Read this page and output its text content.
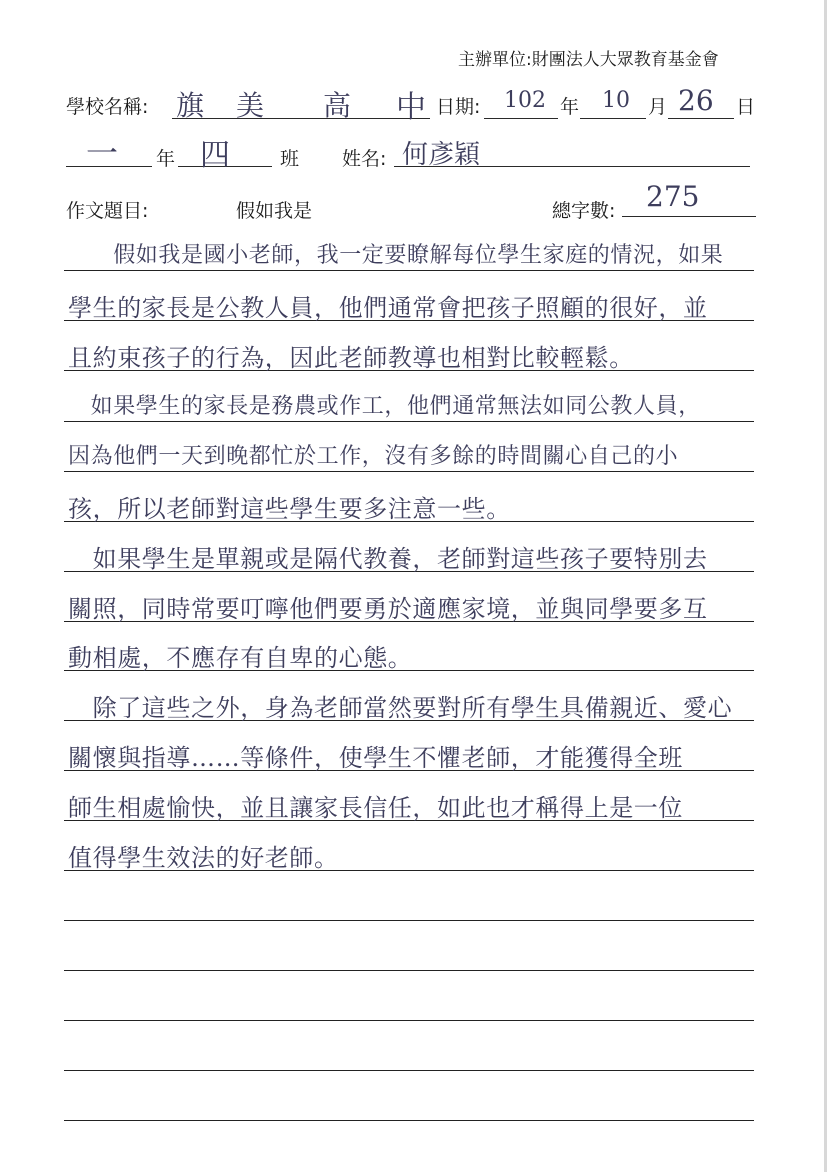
主辦單位:財團法人大眾教育基金會
學校名稱: 旗 美 高 中 日期: 102 年 10 月 26 日
一 年 四	班 姓名: 何彥穎
作文題目:	假如我是	總字數: 275
　　假如我是國小老師，我一定要瞭解每位學生家庭的情況，如果
學生的家長是公教人員，他們通常會把孩子照顧的很好，並
且約束孩子的行為，因此老師教導也相對比較輕鬆。
　如果學生的家長是務農或作工，他們通常無法如同公教人員，
因為他們一天到晚都忙於工作，沒有多餘的時間關心自己的小
孩，所以老師對這些學生要多注意一些。
　如果學生是單親或是隔代教養，老師對這些孩子要特別去
關照，同時常要叮嚀他們要勇於適應家境，並與同學要多互
動相處，不應存有自卑的心態。
　除了這些之外，身為老師當然要對所有學生具備親近、愛心
關懷與指導……等條件，使學生不懼老師，才能獲得全班
師生相處愉快，並且讓家長信任，如此也才稱得上是一位
值得學生效法的好老師。
